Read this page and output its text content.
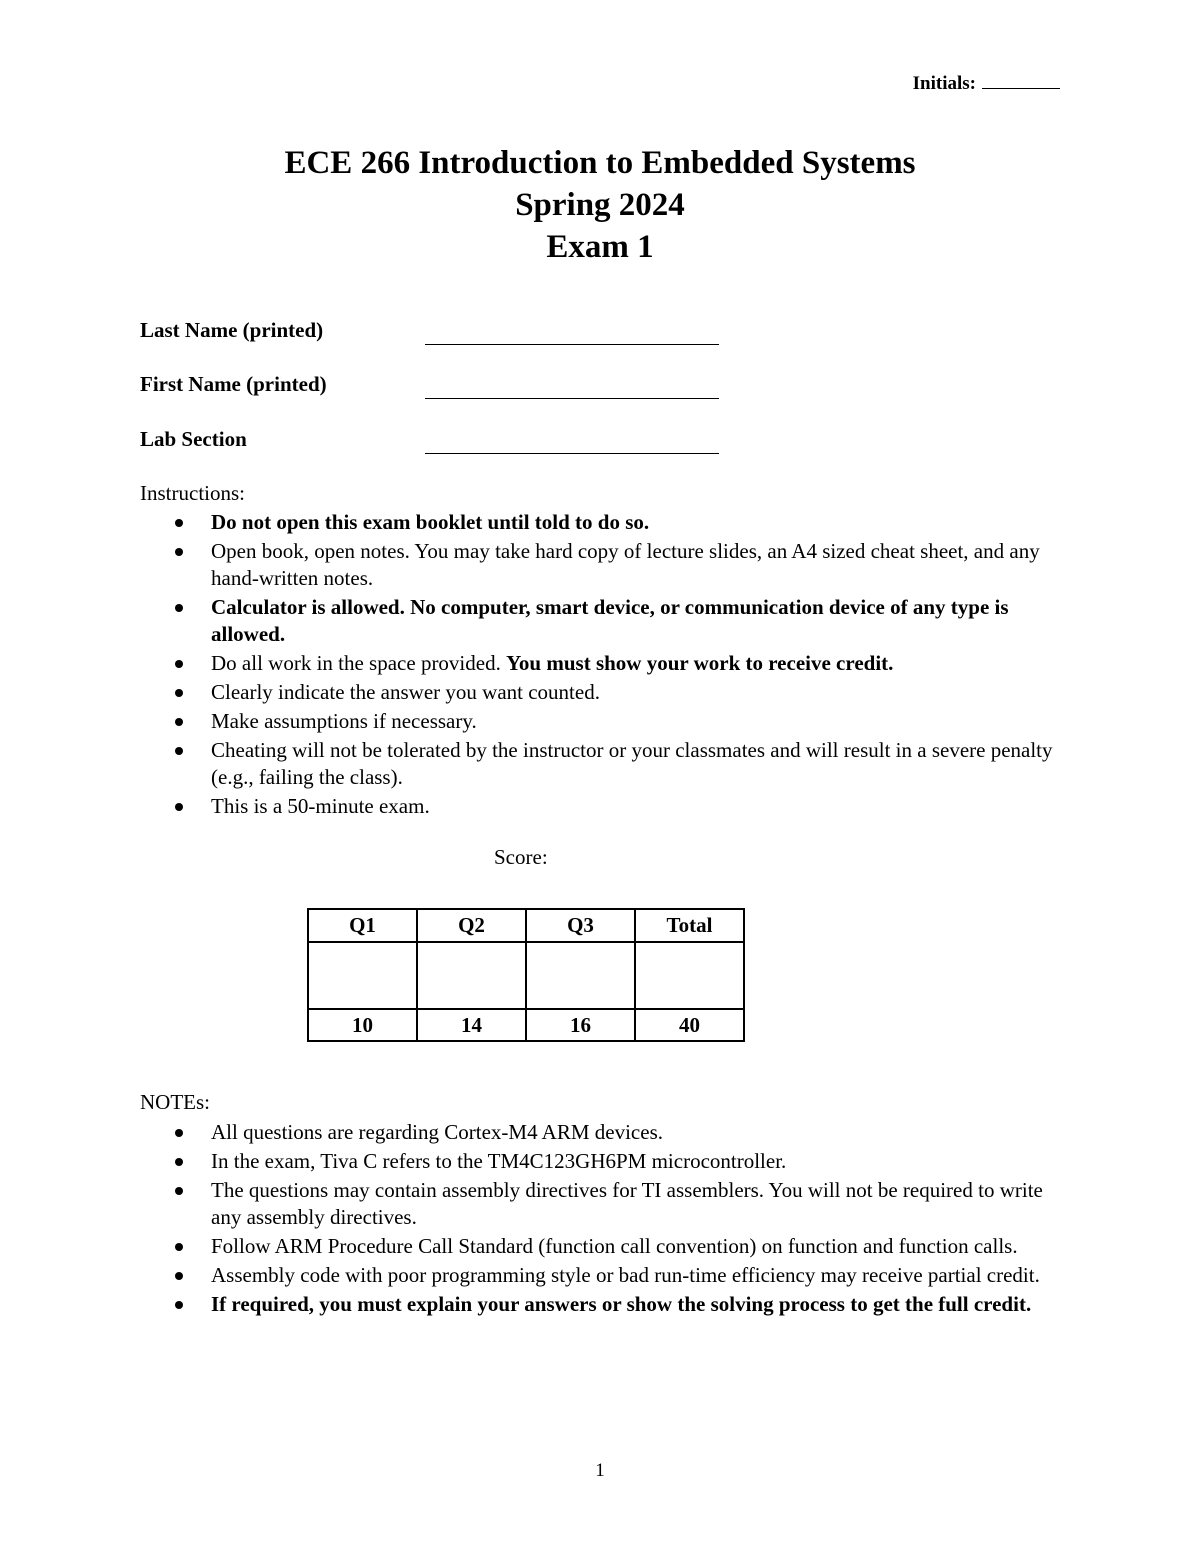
Initials:
ECE 266 Introduction to Embedded Systems
Spring 2024
Exam 1
Last Name (printed)
First Name (printed)
Lab Section
Instructions:
Do not open this exam booklet until told to do so.
Open book, open notes. You may take hard copy of lecture slides, an A4 sized cheat sheet, and any hand-written notes.
Calculator is allowed. No computer, smart device, or communication device of any type is allowed.
Do all work in the space provided. You must show your work to receive credit.
Clearly indicate the answer you want counted.
Make assumptions if necessary.
Cheating will not be tolerated by the instructor or your classmates and will result in a severe penalty (e.g., failing the class).
This is a 50-minute exam.
Score:
Q1	Q2	Q3	Total

10	14	16	40
NOTEs:
All questions are regarding Cortex-M4 ARM devices.
In the exam, Tiva C refers to the TM4C123GH6PM microcontroller.
The questions may contain assembly directives for TI assemblers. You will not be required to write any assembly directives.
Follow ARM Procedure Call Standard (function call convention) on function and function calls.
Assembly code with poor programming style or bad run-time efficiency may receive partial credit.
If required, you must explain your answers or show the solving process to get the full credit.
1
